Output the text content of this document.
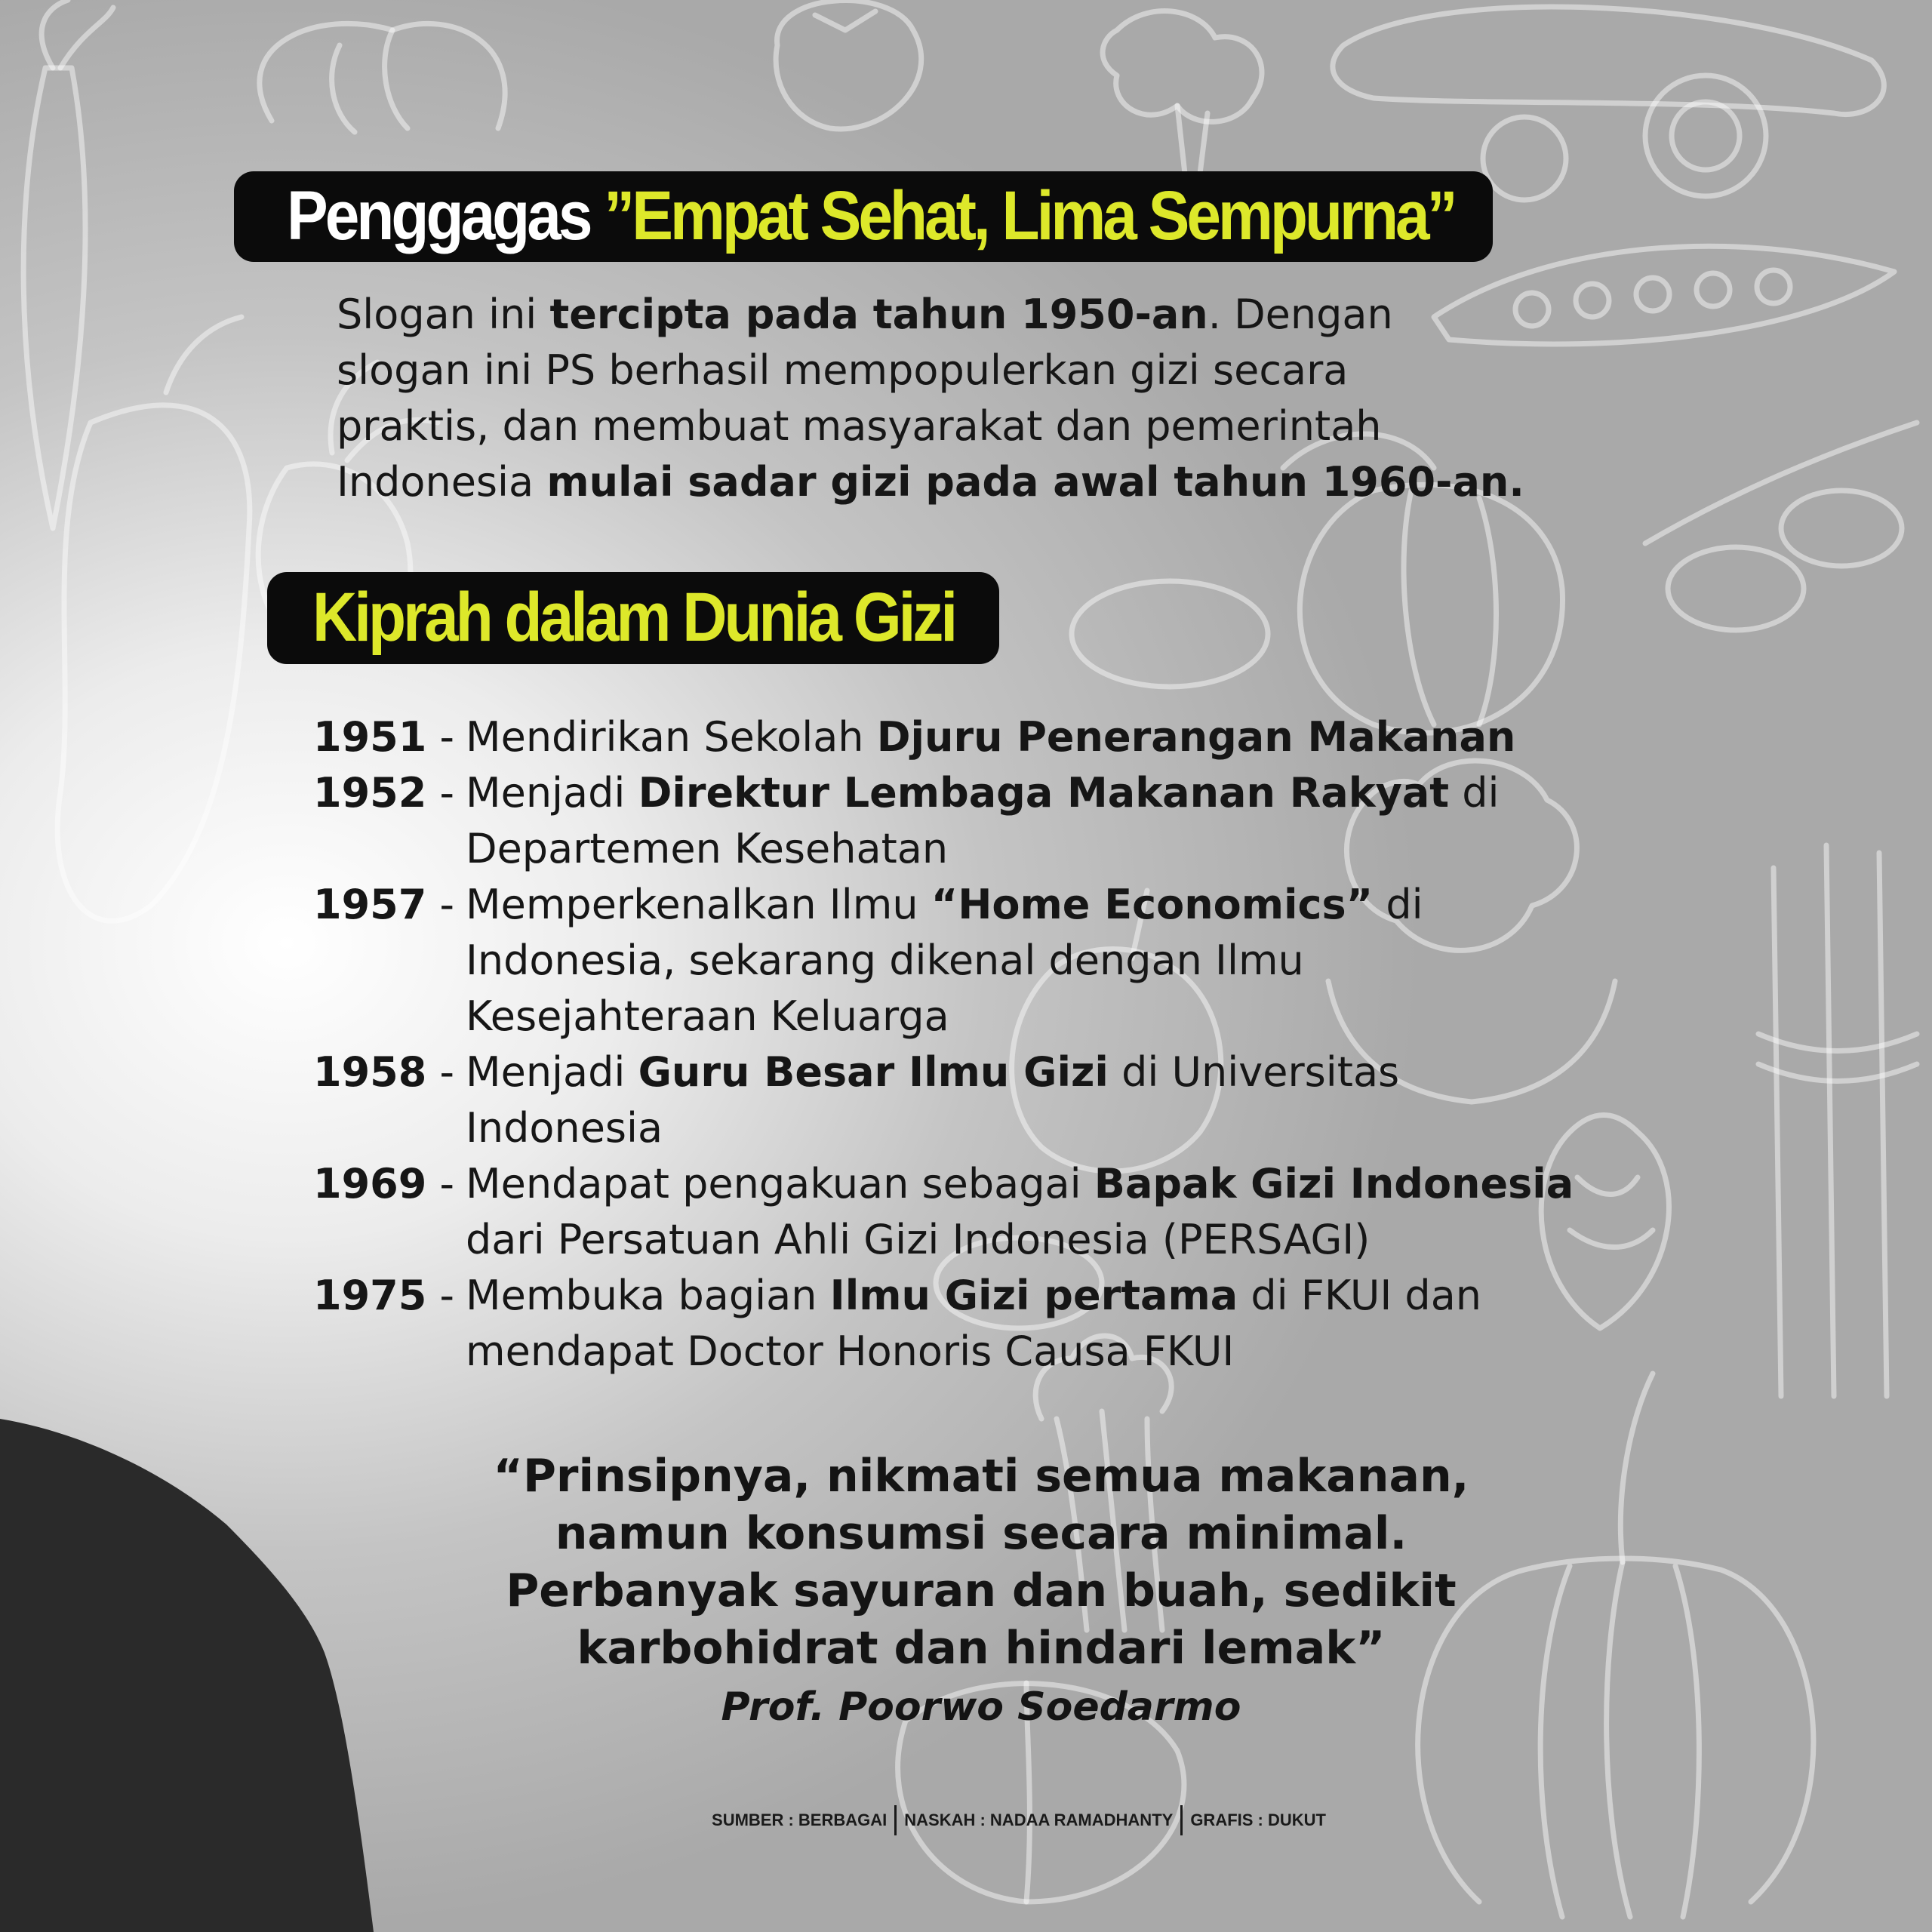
Penggagas ”Empat Sehat, Lima Sempurna”
Slogan ini tercipta pada tahun 1950-an. Dengan
slogan ini PS berhasil mempopulerkan gizi secara
praktis, dan membuat masyarakat dan pemerintah
Indonesia mulai sadar gizi pada awal tahun 1960-an.
Kiprah dalam Dunia Gizi
1951 - Mendirikan Sekolah Djuru Penerangan Makanan
1952 - Menjadi Direktur Lembaga Makanan Rakyat di
Departemen Kesehatan
1957 - Memperkenalkan Ilmu “Home Economics” di
Indonesia, sekarang dikenal dengan Ilmu
Kesejahteraan Keluarga
1958 - Menjadi Guru Besar Ilmu Gizi di Universitas
Indonesia
1969 - Mendapat pengakuan sebagai Bapak Gizi Indonesia
dari Persatuan Ahli Gizi Indonesia (PERSAGI)
1975 - Membuka bagian Ilmu Gizi pertama di FKUI dan
mendapat Doctor Honoris Causa FKUI
“Prinsipnya, nikmati semua makanan,
namun konsumsi secara minimal.
Perbanyak sayuran dan buah, sedikit
karbohidrat dan hindari lemak”
Prof. Poorwo Soedarmo
SUMBER : BERBAGAI NASKAH : NADAA RAMADHANTY GRAFIS : DUKUT
